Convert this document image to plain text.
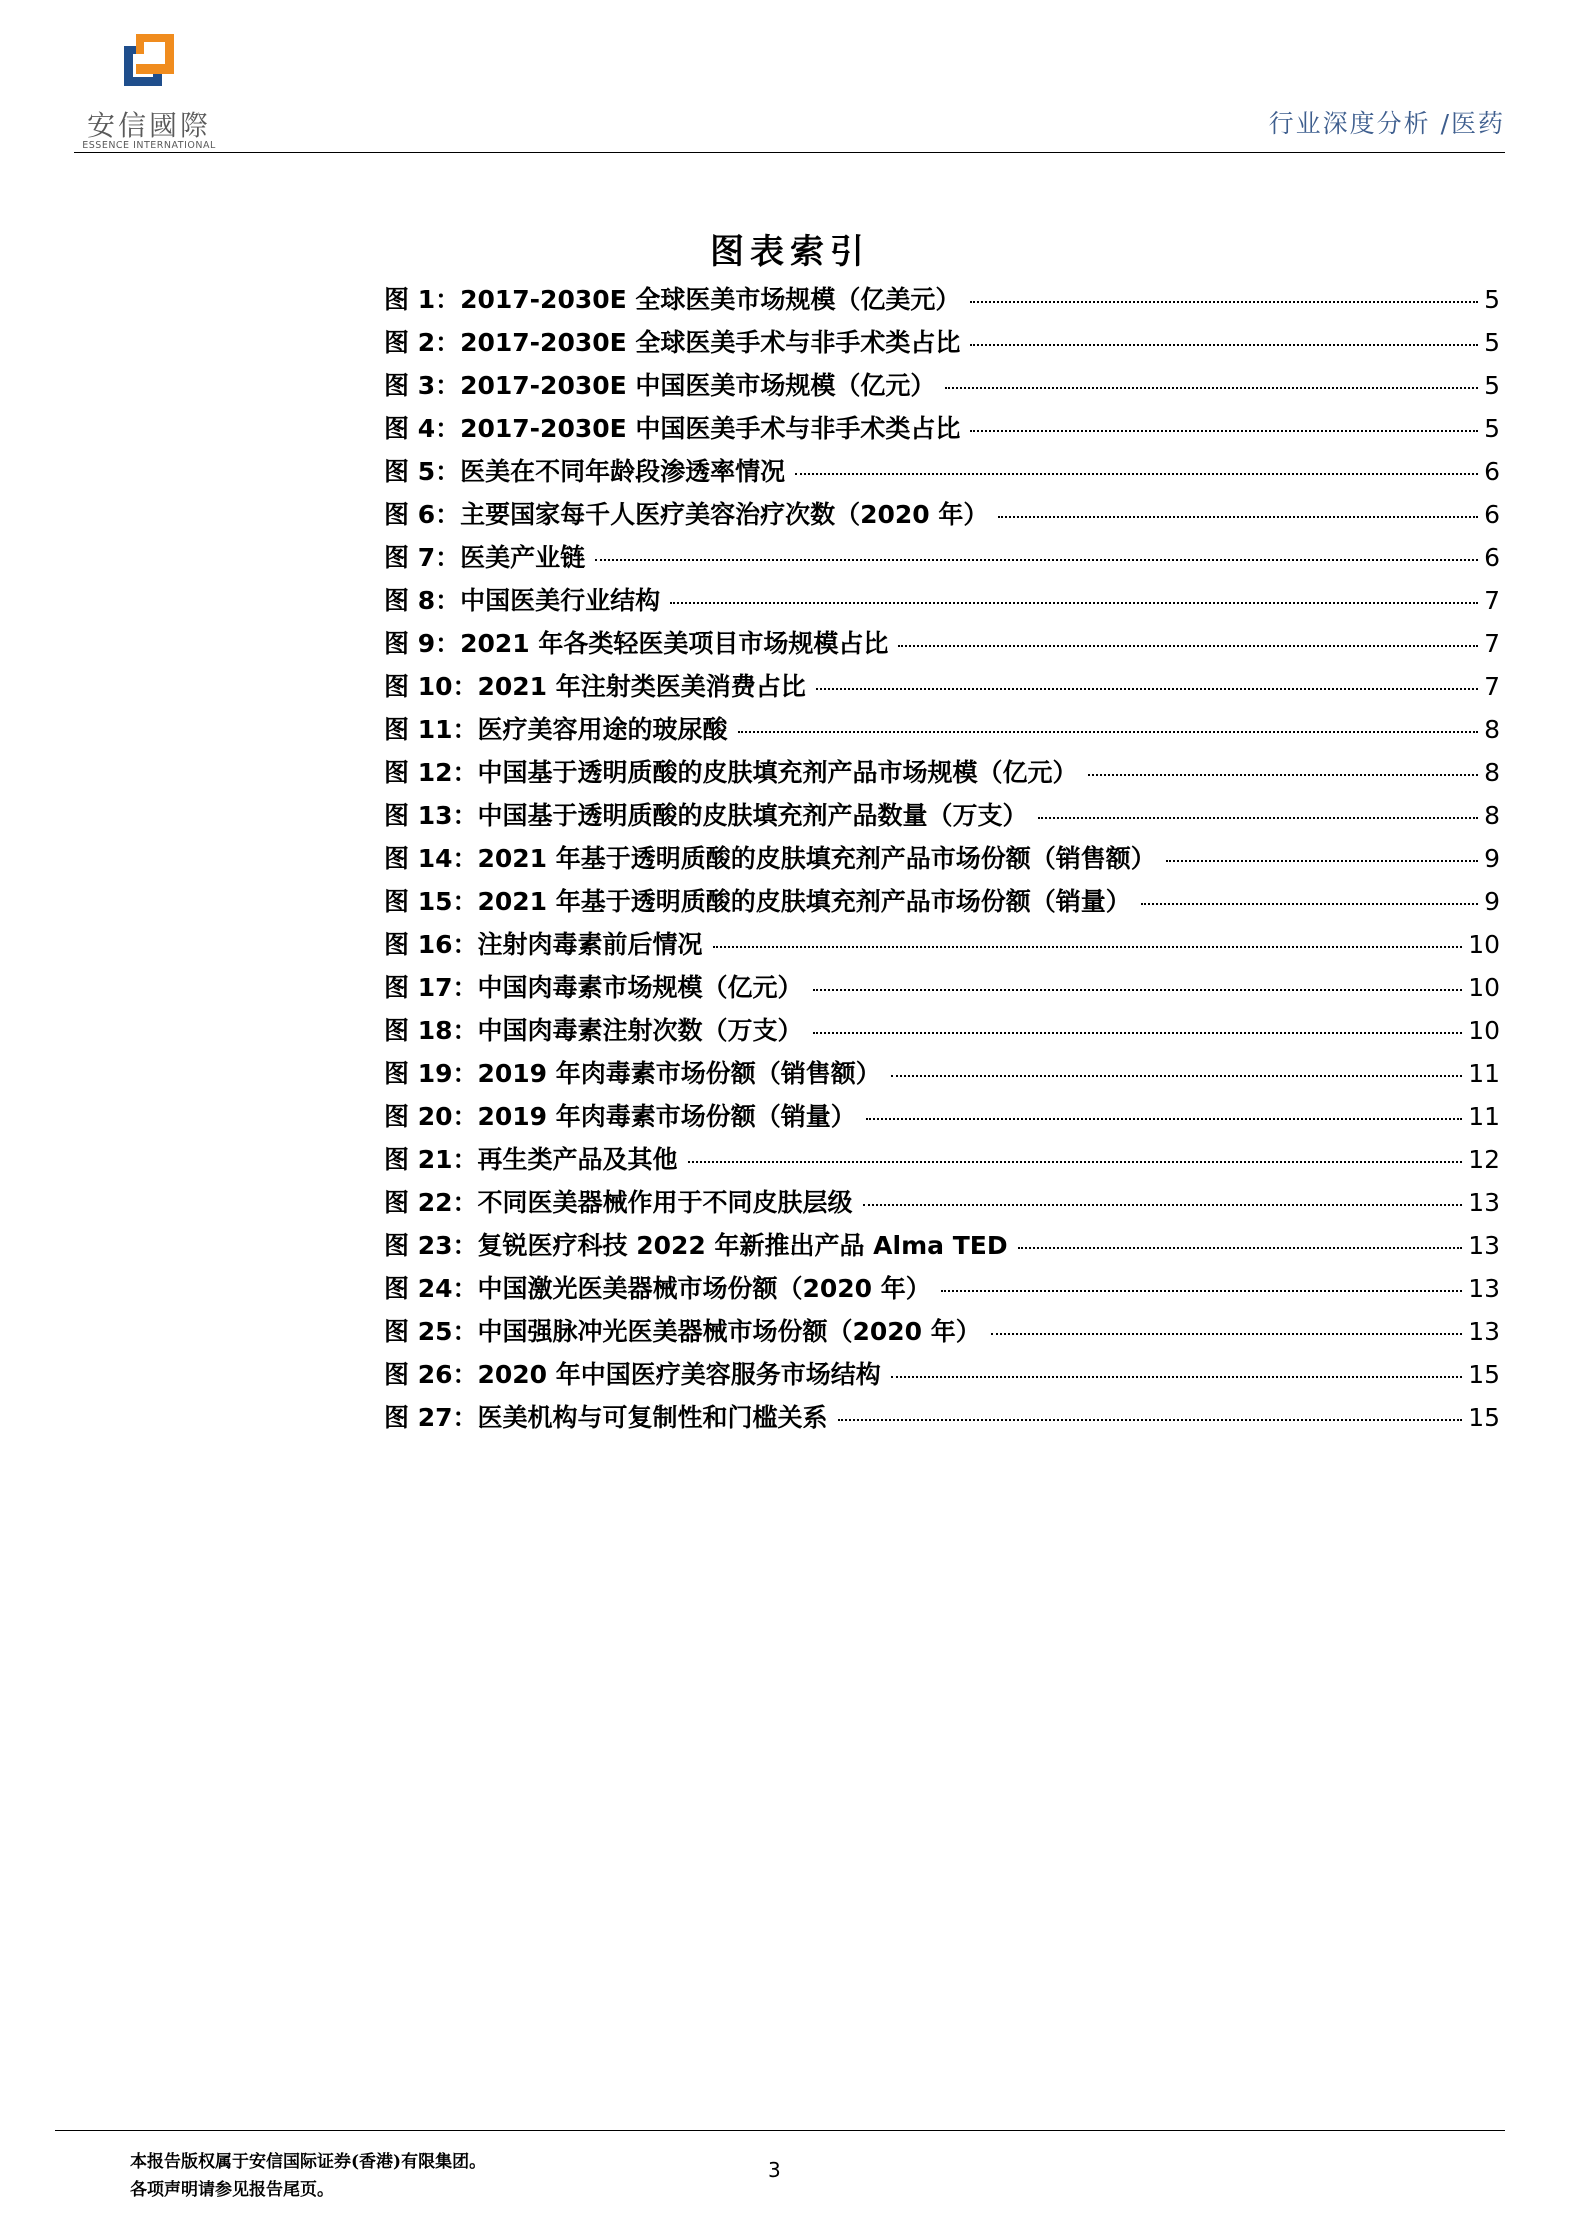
安信國際
ESSENCE INTERNATIONAL
行业深度分析 /医药
图表索引
图 1：2017-2030E 全球医美市场规模（亿美元）	5
图 2：2017-2030E 全球医美手术与非手术类占比	5
图 3：2017-2030E 中国医美市场规模（亿元）	5
图 4：2017-2030E 中国医美手术与非手术类占比	5
图 5：医美在不同年龄段渗透率情况	6
图 6：主要国家每千人医疗美容治疗次数（2020 年）	6
图 7：医美产业链	6
图 8：中国医美行业结构	7
图 9：2021 年各类轻医美项目市场规模占比	7
图 10：2021 年注射类医美消费占比	7
图 11：医疗美容用途的玻尿酸	8
图 12：中国基于透明质酸的皮肤填充剂产品市场规模（亿元）	8
图 13：中国基于透明质酸的皮肤填充剂产品数量（万支）	8
图 14：2021 年基于透明质酸的皮肤填充剂产品市场份额（销售额）	9
图 15：2021 年基于透明质酸的皮肤填充剂产品市场份额（销量）	9
图 16：注射肉毒素前后情况	10
图 17：中国肉毒素市场规模（亿元）	10
图 18：中国肉毒素注射次数（万支）	10
图 19：2019 年肉毒素市场份额（销售额）	11
图 20：2019 年肉毒素市场份额（销量）	11
图 21：再生类产品及其他	12
图 22：不同医美器械作用于不同皮肤层级	13
图 23：复锐医疗科技 2022 年新推出产品 Alma TED	13
图 24：中国激光医美器械市场份额（2020 年）	13
图 25：中国强脉冲光医美器械市场份额（2020 年）	13
图 26：2020 年中国医疗美容服务市场结构	15
图 27：医美机构与可复制性和门槛关系	15
本报告版权属于安信国际证券(香港)有限集团。
各项声明请参见报告尾页。
3
